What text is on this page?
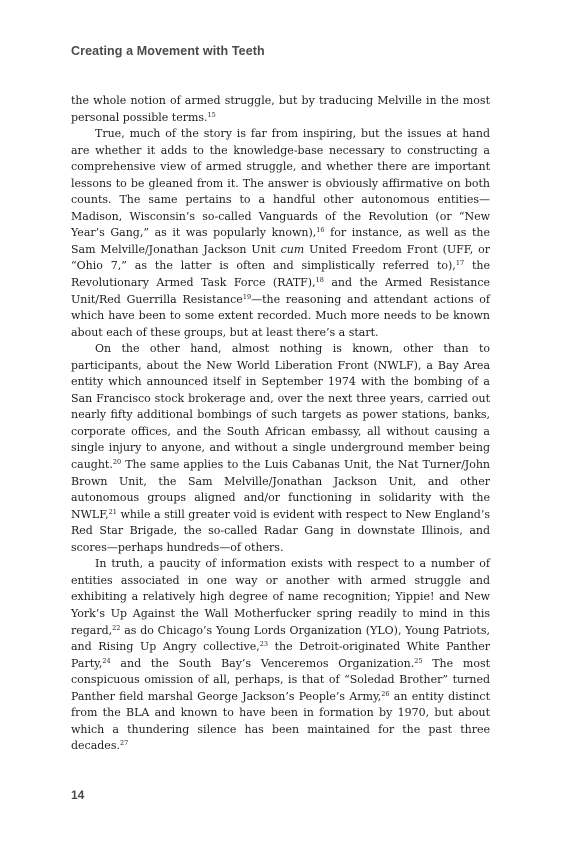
Creating a Movement with Teeth

the whole notion of armed struggle, but by traducing Melville in the most personal possible terms.$^{15}$

True, much of the story is far from inspiring, but the issues at hand are whether it adds to the knowledge-base necessary to constructing a comprehensive view of armed struggle, and whether there are important lessons to be gleaned from it. The answer is obviously affirmative on both counts. The same pertains to a handful other autonomous entities—Madison, Wisconsin’s so-called Vanguards of the Revolution (or “New Year’s Gang,” as it was popularly known),$^{16}$ for instance, as well as the Sam Melville/Jonathan Jackson Unit cum United Freedom Front (UFF, or “Ohio 7,” as the latter is often and simplistically referred to),$^{17}$ the Revolutionary Armed Task Force (RATF),$^{18}$ and the Armed Resistance Unit/Red Guerrilla Resistance$^{19}$—the reasoning and attendant actions of which have been to some extent recorded. Much more needs to be known about each of these groups, but at least there’s a start.

On the other hand, almost nothing is known, other than to participants, about the New World Liberation Front (NWLF), a Bay Area entity which announced itself in September 1974 with the bombing of a San Francisco stock brokerage and, over the next three years, carried out nearly fifty additional bombings of such targets as power stations, banks, corporate offices, and the South African embassy, all without causing a single injury to anyone, and without a single underground member being caught.$^{20}$ The same applies to the Luis Cabanas Unit, the Nat Turner/John Brown Unit, the Sam Melville/Jonathan Jackson Unit, and other autonomous groups aligned and/or functioning in solidarity with the NWLF,$^{21}$ while a still greater void is evident with respect to New England’s Red Star Brigade, the so-called Radar Gang in downstate Illinois, and scores—perhaps hundreds—of others.

In truth, a paucity of information exists with respect to a number of entities associated in one way or another with armed struggle and exhibiting a relatively high degree of name recognition; Yippie! and New York’s Up Against the Wall Motherfucker spring readily to mind in this regard,$^{22}$ as do Chicago’s Young Lords Organization (YLO), Young Patriots, and Rising Up Angry collective,$^{23}$ the Detroit-originated White Panther Party,$^{24}$ and the South Bay’s Venceremos Organization.$^{25}$ The most conspicuous omission of all, perhaps, is that of “Soledad Brother” turned Panther field marshal George Jackson’s People’s Army,$^{26}$ an entity distinct from the BLA and known to have been in formation by 1970, but about which a thundering silence has been maintained for the past three decades.$^{27}$

14
